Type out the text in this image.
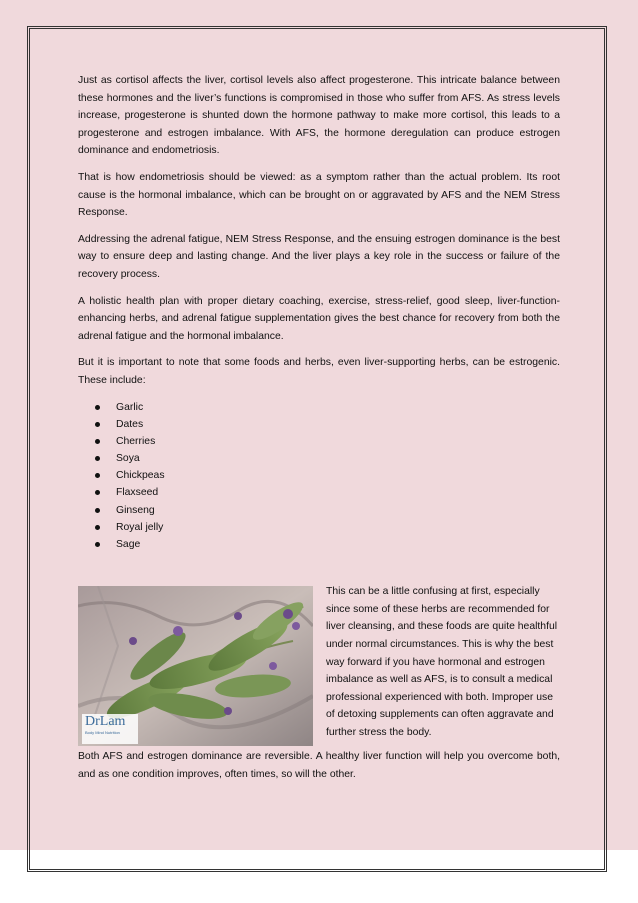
Just as cortisol affects the liver, cortisol levels also affect progesterone. This intricate balance between these hormones and the liver’s functions is compromised in those who suffer from AFS. As stress levels increase, progesterone is shunted down the hormone pathway to make more cortisol, this leads to a progesterone and estrogen imbalance. With AFS, the hormone deregulation can produce estrogen dominance and endometriosis.

That is how endometriosis should be viewed: as a symptom rather than the actual problem. Its root cause is the hormonal imbalance, which can be brought on or aggravated by AFS and the NEM Stress Response.

Addressing the adrenal fatigue, NEM Stress Response, and the ensuing estrogen dominance is the best way to ensure deep and lasting change. And the liver plays a key role in the success or failure of the recovery process.

A holistic health plan with proper dietary coaching, exercise, stress-relief, good sleep, liver-function-enhancing herbs, and adrenal fatigue supplementation gives the best chance for recovery from both the adrenal fatigue and the hormonal imbalance.

But it is important to note that some foods and herbs, even liver-supporting herbs, can be estrogenic. These include:

Garlic
Dates
Cherries
Soya
Chickpeas
Flaxseed
Ginseng
Royal jelly
Sage
DrLam
Body Mind Nutrition
This can be a little confusing at first, especially since some of these herbs are recommended for liver cleansing, and these foods are quite healthful under normal circumstances. This is why the best way forward if you have hormonal and estrogen imbalance as well as AFS, is to consult a medical professional experienced with both. Improper use of detoxing supplements can often aggravate and further stress the body.

Both AFS and estrogen dominance are reversible. A healthy liver function will help you overcome both, and as one condition improves, often times, so will the other.
